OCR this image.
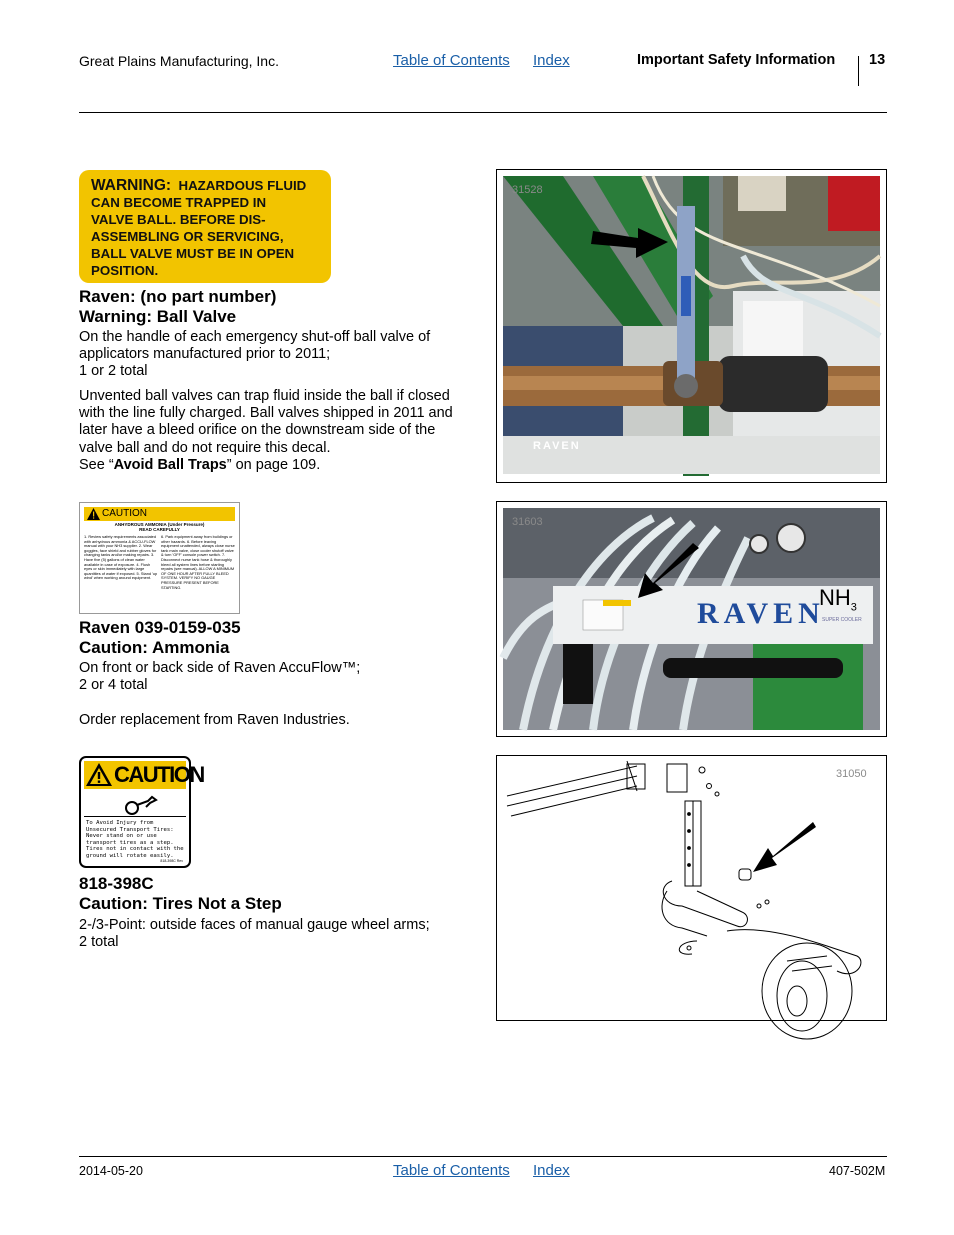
Great Plains Manufacturing, Inc.	Table of Contents Index	Important Safety Information 13
WARNING: HAZARDOUS FLUID
CAN BECOME TRAPPED IN
VALVE BALL. BEFORE DIS-
ASSEMBLING OR SERVICING,
BALL VALVE MUST BE IN OPEN
POSITION.
Raven: (no part number)
Warning: Ball Valve
On the handle of each emergency shut-off ball valve of applicators manufactured prior to 2011;
1 or 2 total
Unvented ball valves can trap fluid inside the ball if closed with the line fully charged. Ball valves shipped in 2011 and later have a bleed orifice on the downstream side of the valve ball and do not require this decal.
See “Avoid Ball Traps” on page 109.
31528
RAVEN
CAUTION
ANHYDROUS AMMONIA (Under Pressure)
READ CAREFULLY
1. Review safety requirements associated with anhydrous ammonia & ACCU-FLOW manual with your NH3 supplier. 2. Wear goggles, face shield and rubber gloves for changing tanks and/or making repairs. 3. Have five (5) gallons of clean water available in case of exposure. 4. Flush eyes or skin immediately with large quantities of water if exposed. 5. Stand 'up wind' when working around equipment.
6. Park equipment away from buildings or other hazards. 6. Before leaving equipment unattended, always close nurse tank main valve, close cooler shutoff valve & turn 'OFF' console power switch. 7. Disconnect nurse tank hose & thoroughly bleed all system lines before starting repairs (see manual). ALLOW A MINIMUM OF ONE HOUR AFTER FULLY BLEED SYSTEM. VERIFY NO GAUGE PRESSURE PRESENT BEFORE STARTING.
Raven 039-0159-035
Caution: Ammonia
On front or back side of Raven AccuFlow™;
2 or 4 total
Order replacement from Raven Industries.
31603
RAVEN
$NH_3$
SUPER COOLER
CAUTION
To Avoid Injury from Unsecured Transport Tires:
Never stand on or use transport tires as a step.
Tires not in contact with the ground will rotate easily.
818-398C Rev
818-398C
Caution: Tires Not a Step
2-/3-Point: outside faces of manual gauge wheel arms;
2 total
31050
2014-05-20	Table of Contents Index	407-502M
